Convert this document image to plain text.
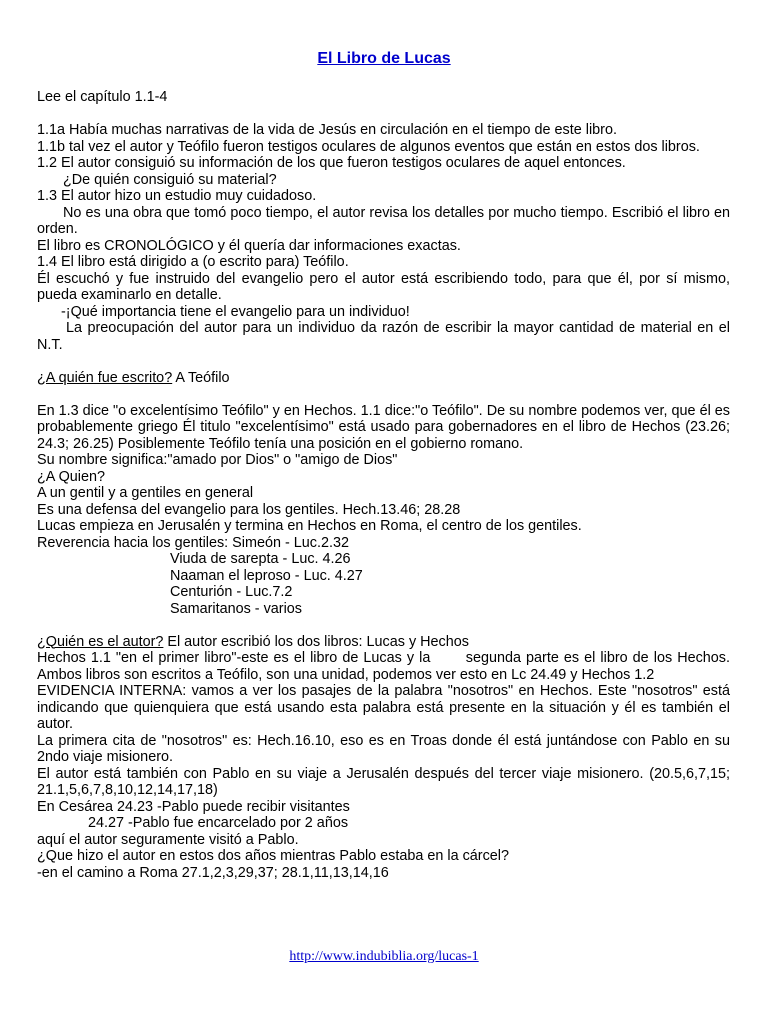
El Libro de Lucas

Lee el capítulo 1.1-4

1.1a Había muchas narrativas de la vida de Jesús en circulación en el tiempo de este libro.

1.1b tal vez el autor y Teófilo fueron testigos oculares de algunos eventos que están en estos dos libros.

1.2 El autor consiguió su información de los que fueron testigos oculares de aquel entonces.

¿De quién consiguió su material?

1.3 El autor hizo un estudio muy cuidadoso.

No es una obra que tomó poco tiempo, el autor revisa los detalles por mucho tiempo. Escribió el libro en orden.

El libro es CRONOLÓGICO y él quería dar informaciones exactas.

1.4 El libro está dirigido a (o escrito para) Teófilo.

Él escuchó y fue instruido del evangelio pero el autor está escribiendo todo, para que él, por sí mismo, pueda examinarlo en detalle.

-¡Qué importancia tiene el evangelio para un individuo!

La preocupación del autor para un individuo da razón de escribir la mayor cantidad de material en el N.T.

¿A quién fue escrito? A Teófilo

En 1.3 dice "o excelentísimo Teófilo" y en Hechos. 1.1 dice:"o Teófilo". De su nombre podemos ver, que él es probablemente griego Él titulo "excelentísimo" está usado para gobernadores en el libro de Hechos (23.26; 24.3; 26.25) Posiblemente Teófilo tenía una posición en el gobierno romano.

Su nombre significa:"amado por Dios" o "amigo de Dios"

¿A Quien?

A un gentil y a gentiles en general

Es una defensa del evangelio para los gentiles. Hech.13.46; 28.28

Lucas empieza en Jerusalén y termina en Hechos en Roma, el centro de los gentiles.

Reverencia hacia los gentiles: Simeón - Luc.2.32

Viuda de sarepta - Luc. 4.26

Naaman el leproso - Luc. 4.27

Centurión - Luc.7.2

Samaritanos - varios

¿Quién es el autor? El autor escribió los dos libros: Lucas y Hechos

Hechos 1.1 "en el primer libro"-este es el libro de Lucas y la       segunda parte es el libro de los Hechos. Ambos libros son escritos a Teófilo, son una unidad, podemos ver esto en Lc 24.49 y Hechos 1.2

EVIDENCIA INTERNA: vamos a ver los pasajes de la palabra "nosotros" en Hechos. Este "nosotros" está indicando que quienquiera que está usando esta palabra está presente en la situación y él es también el autor.

La primera cita de "nosotros" es: Hech.16.10, eso es en Troas donde él está juntándose con Pablo en su 2ndo viaje misionero.

El autor está también con Pablo en su viaje a Jerusalén después del tercer viaje misionero. (20.5,6,7,15; 21.1,5,6,7,8,10,12,14,17,18)

En Cesárea 24.23 -Pablo puede recibir visitantes

24.27 -Pablo fue encarcelado por 2 años

aquí el autor seguramente visitó a Pablo.

¿Que hizo el autor en estos dos años mientras Pablo estaba en la cárcel?

-en el camino a Roma 27.1,2,3,29,37; 28.1,11,13,14,16

http://www.indubiblia.org/lucas-1
